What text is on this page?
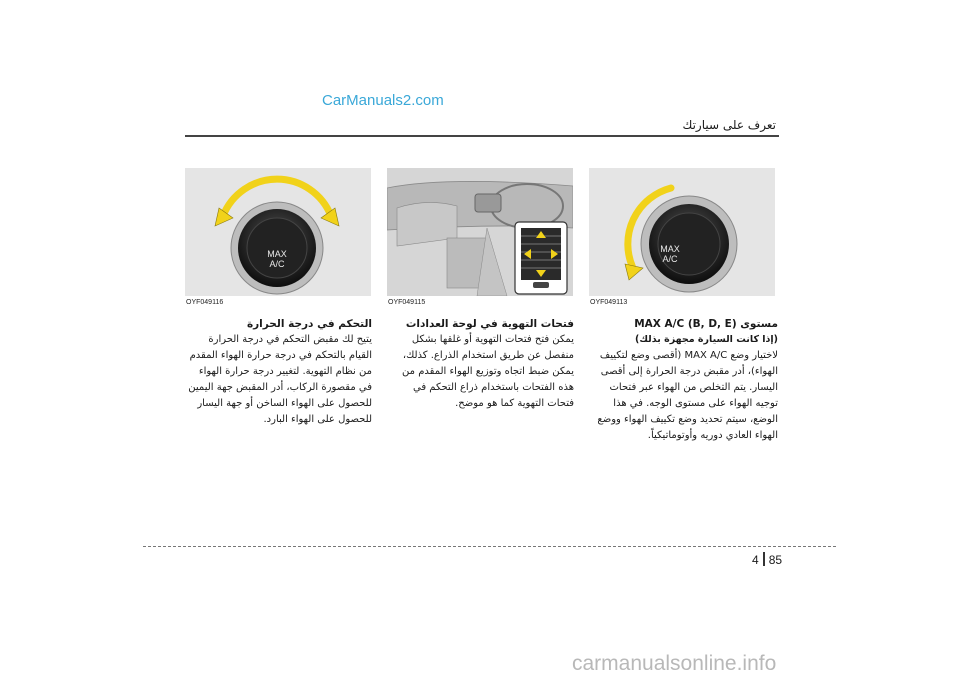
CarManuals2.com
تعرف على سيارتك
MAX
A/C
OYF049116	OYF049115
MAX
A/C
OYF049113

التحكم في درجة الحرارة

يتيح لك مقبض التحكم في درجة الحرارة القيام بالتحكم في درجة حرارة الهواء المقدم من نظام التهوية. لتغيير درجة حرارة الهواء في مقصورة الركاب، أدر المقبض جهة اليمين للحصول على الهواء الساخن أو جهة اليسار للحصول على الهواء البارد.

فتحات التهوية في لوحة العدادات

يمكن فتح فتحات التهوية أو غلقها بشكل منفصل عن طريق استخدام الذراع. كذلك، يمكن ضبط اتجاه وتوزيع الهواء المقدم من هذه الفتحات باستخدام ذراع التحكم في فتحات التهوية كما هو موضح.

مستوى MAX A/C (B, D, E)

(إذا كانت السيارة مجهزة بذلك)

لاختيار وضع MAX A/C (أقصى وضع لتكييف الهواء)، أدر مقبض درجة الحرارة إلى أقصى اليسار. يتم التخلص من الهواء عبر فتحات توجيه الهواء على مستوى الوجه. في هذا الوضع، سيتم تحديد وضع تكييف الهواء ووضع الهواء العادي دوريه وأوتوماتيكياً.

4 85
carmanualsonline.info
